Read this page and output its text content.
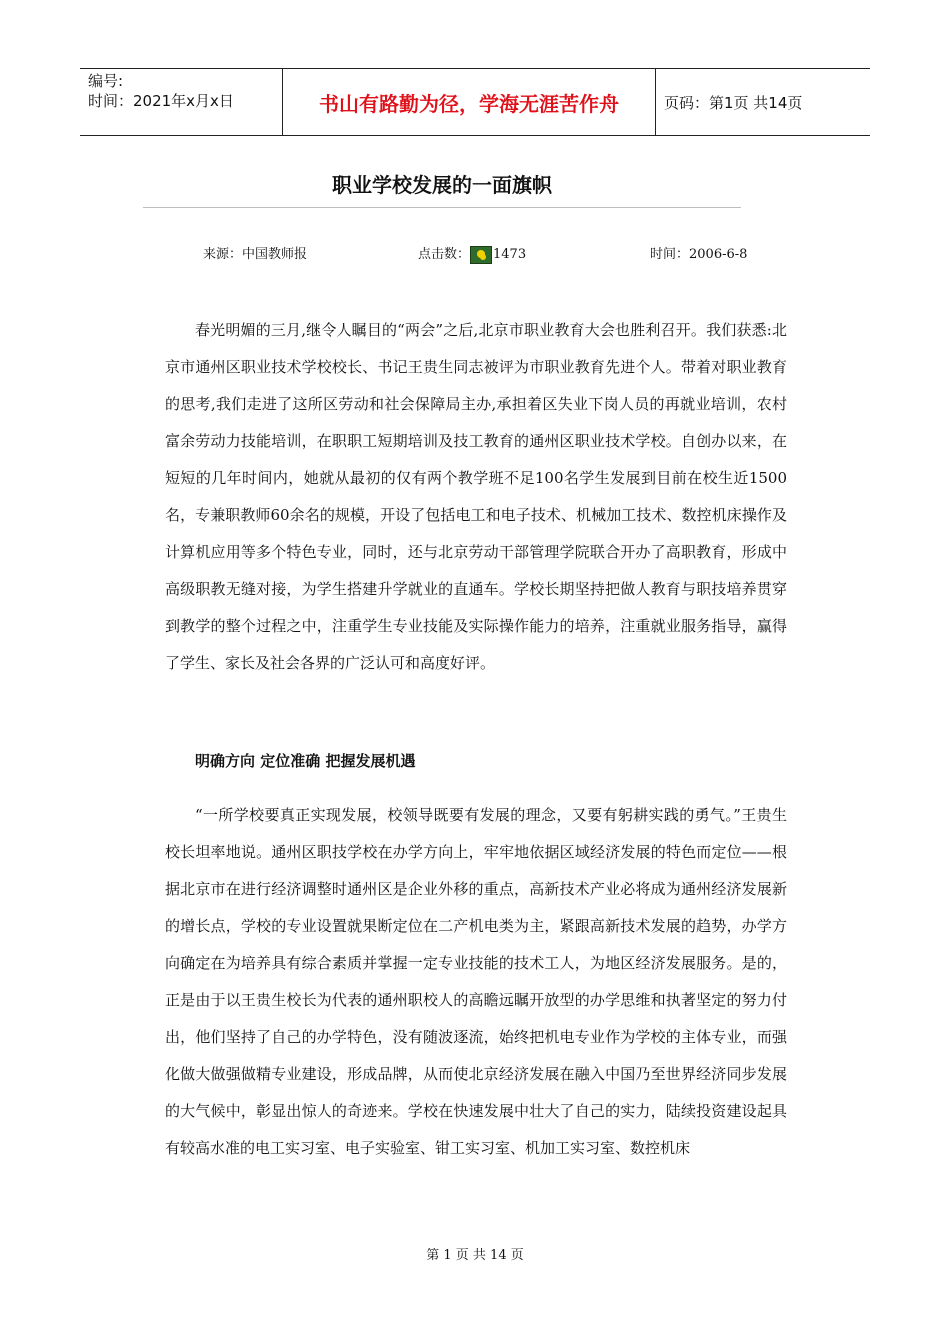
编号:
时间：2021年x月x日	书山有路勤为径，学海无涯苦作舟	页码：第1页 共14页
职业学校发展的一面旗帜
来源：中国教师报	点击数： 1473	时间：2006-6-8

春光明媚的三月,继令人瞩目的“两会”之后,北京市职业教育大会也胜利召开。我们获悉:北京市通州区职业技术学校校长、书记王贵生同志被评为市职业教育先进个人。带着对职业教育的思考,我们走进了这所区劳动和社会保障局主办,承担着区失业下岗人员的再就业培训，农村富余劳动力技能培训，在职职工短期培训及技工教育的通州区职业技术学校。自创办以来，在短短的几年时间内，她就从最初的仅有两个教学班不足100名学生发展到目前在校生近1500名，专兼职教师60余名的规模，开设了包括电工和电子技术、机械加工技术、数控机床操作及计算机应用等多个特色专业，同时，还与北京劳动干部管理学院联合开办了高职教育，形成中高级职教无缝对接，为学生搭建升学就业的直通车。学校长期坚持把做人教育与职技培养贯穿到教学的整个过程之中，注重学生专业技能及实际操作能力的培养，注重就业服务指导，赢得了学生、家长及社会各界的广泛认可和高度好评。

明确方向 定位准确 把握发展机遇

“一所学校要真正实现发展，校领导既要有发展的理念，又要有躬耕实践的勇气。”王贵生校长坦率地说。通州区职技学校在办学方向上，牢牢地依据区域经济发展的特色而定位——根据北京市在进行经济调整时通州区是企业外移的重点，高新技术产业必将成为通州经济发展新的增长点，学校的专业设置就果断定位在二产机电类为主，紧跟高新技术发展的趋势，办学方向确定在为培养具有综合素质并掌握一定专业技能的技术工人，为地区经济发展服务。是的，正是由于以王贵生校长为代表的通州职校人的高瞻远瞩开放型的办学思维和执著坚定的努力付出，他们坚持了自己的办学特色，没有随波逐流，始终把机电专业作为学校的主体专业，而强化做大做强做精专业建设，形成品牌，从而使北京经济发展在融入中国乃至世界经济同步发展的大气候中，彰显出惊人的奇迹来。学校在快速发展中壮大了自己的实力，陆续投资建设起具有较高水准的电工实习室、电子实验室、钳工实习室、机加工实习室、数控机床

第 1 页 共 14 页
